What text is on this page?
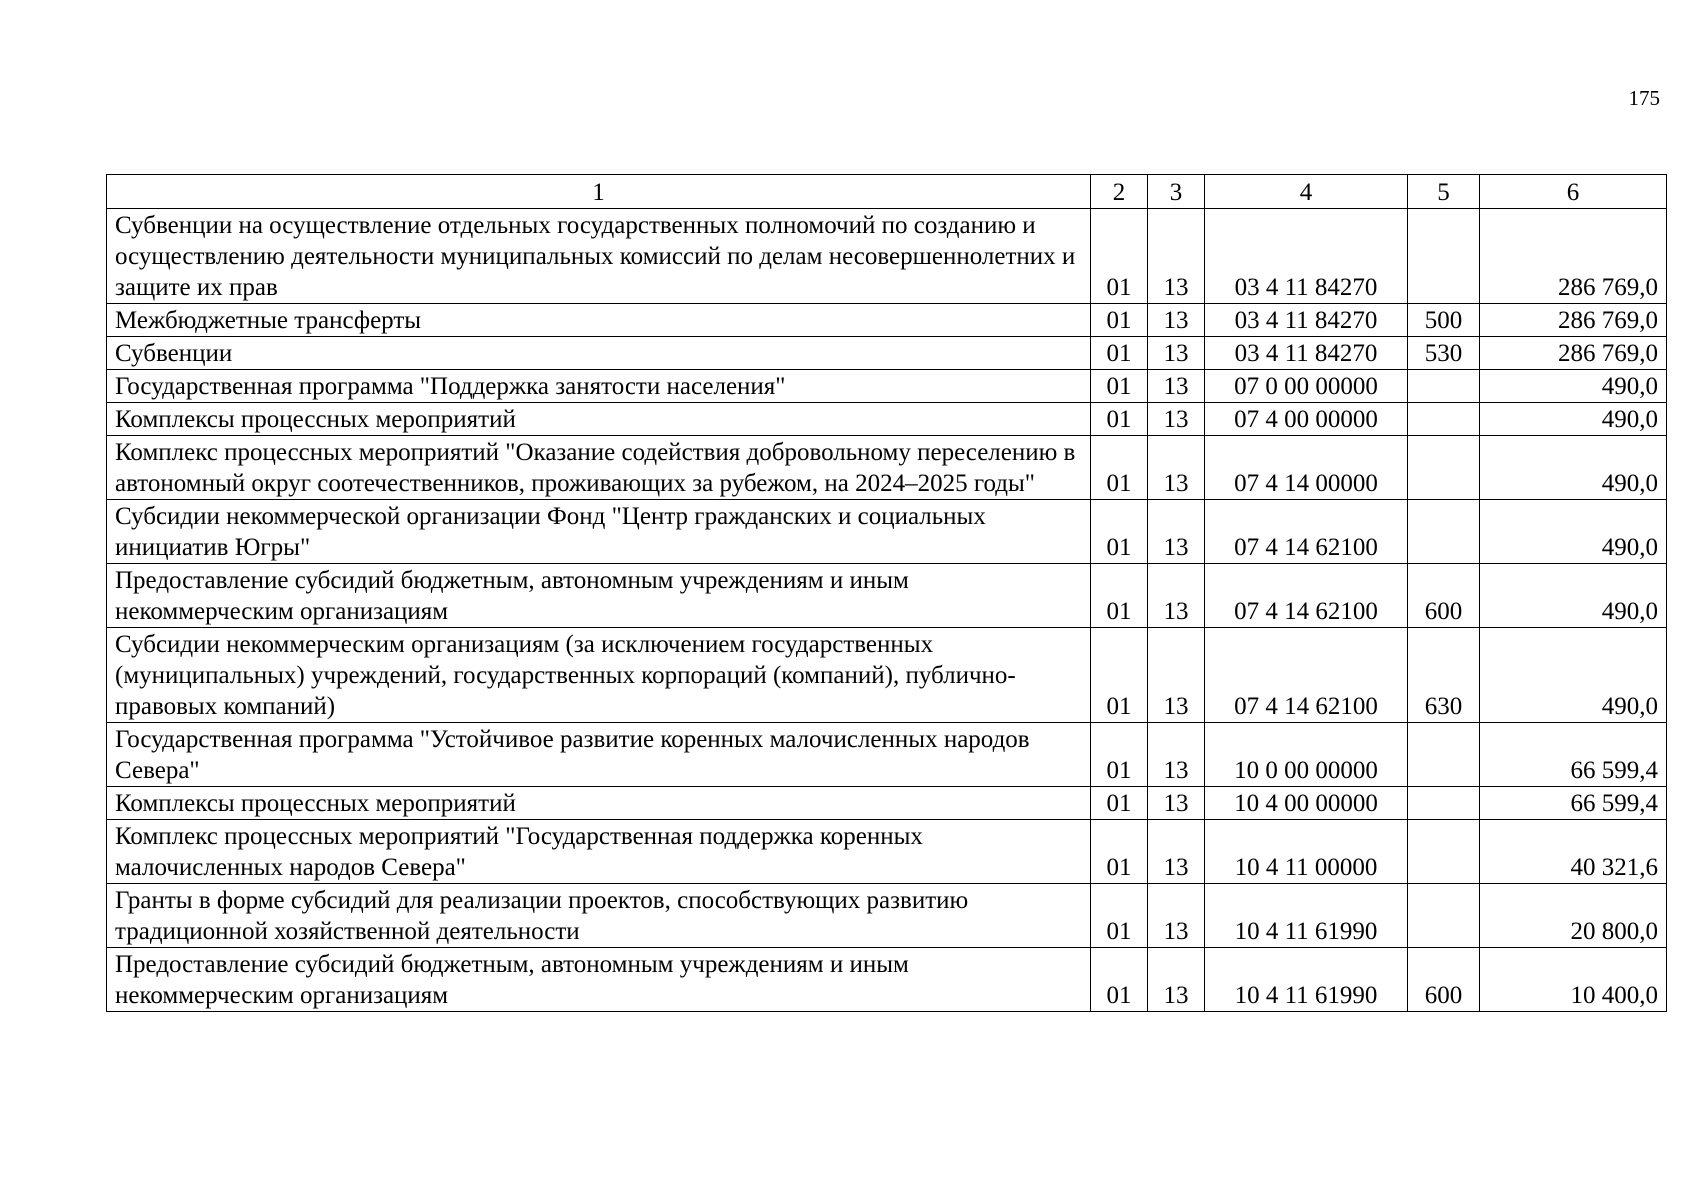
175
1	2	3	4	5	6
Субвенции на осуществление отдельных государственных полномочий по созданию и осуществлению деятельности муниципальных комиссий по делам несовершеннолетних и защите их прав	01	13	03 4 11 84270		286 769,0
Межбюджетные трансферты	01	13	03 4 11 84270	500	286 769,0
Субвенции	01	13	03 4 11 84270	530	286 769,0
Государственная программа "Поддержка занятости населения"	01	13	07 0 00 00000		490,0
Комплексы процессных мероприятий	01	13	07 4 00 00000		490,0
Комплекс процессных мероприятий "Оказание содействия добровольному переселению в автономный округ соотечественников, проживающих за рубежом, на 2024–2025 годы"	01	13	07 4 14 00000		490,0
Субсидии некоммерческой организации Фонд "Центр гражданских и социальных инициатив Югры"	01	13	07 4 14 62100		490,0
Предоставление субсидий бюджетным, автономным учреждениям и иным некоммерческим организациям	01	13	07 4 14 62100	600	490,0
Субсидии некоммерческим организациям (за исключением государственных (муниципальных) учреждений, государственных корпораций (компаний), публично-правовых компаний)	01	13	07 4 14 62100	630	490,0
Государственная программа "Устойчивое развитие коренных малочисленных народов Севера"	01	13	10 0 00 00000		66 599,4
Комплексы процессных мероприятий	01	13	10 4 00 00000		66 599,4
Комплекс процессных мероприятий "Государственная поддержка коренных малочисленных народов Севера"	01	13	10 4 11 00000		40 321,6
Гранты в форме субсидий для реализации проектов, способствующих развитию традиционной хозяйственной деятельности	01	13	10 4 11 61990		20 800,0
Предоставление субсидий бюджетным, автономным учреждениям и иным некоммерческим организациям	01	13	10 4 11 61990	600	10 400,0
